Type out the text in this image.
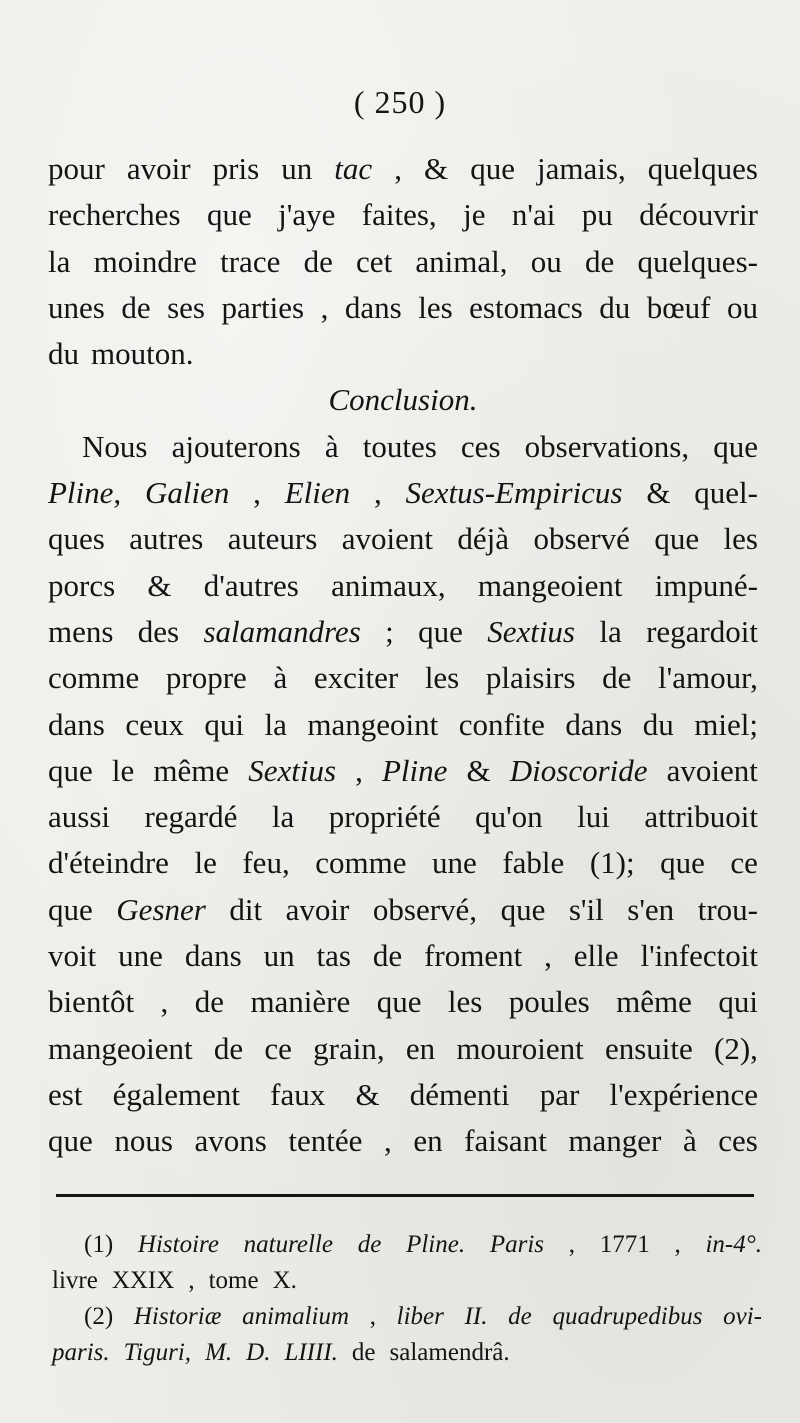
( 250 )
pour avoir pris un tac , & que jamais, quelques
recherches que j'aye faites, je n'ai pu découvrir
la moindre trace de cet animal, ou de quelques-
unes de ses parties , dans les estomacs du bœuf ou
du mouton.
Conclusion.
Nous ajouterons à toutes ces observations, que
Pline, Galien , Elien , Sextus-Empiricus & quel-
ques autres auteurs avoient déjà observé que les
porcs & d'autres animaux, mangeoient impuné-
mens des salamandres ; que Sextius la regardoit
comme propre à exciter les plaisirs de l'amour,
dans ceux qui la mangeoint confite dans du miel;
que le même Sextius , Pline & Dioscoride avoient
aussi regardé la propriété qu'on lui attribuoit
d'éteindre le feu, comme une fable (1); que ce
que Gesner dit avoir observé, que s'il s'en trou-
voit une dans un tas de froment , elle l'infectoit
bientôt , de manière que les poules même qui
mangeoient de ce grain, en mouroient ensuite (2),
est également faux & démenti par l'expérience
que nous avons tentée , en faisant manger à ces
(1) Histoire naturelle de Pline. Paris , 1771 , in-4°.
livre XXIX , tome X.
(2) Historiæ animalium , liber II. de quadrupedibus ovi-
paris. Tiguri, M. D. LIIII. de salamendrâ.
